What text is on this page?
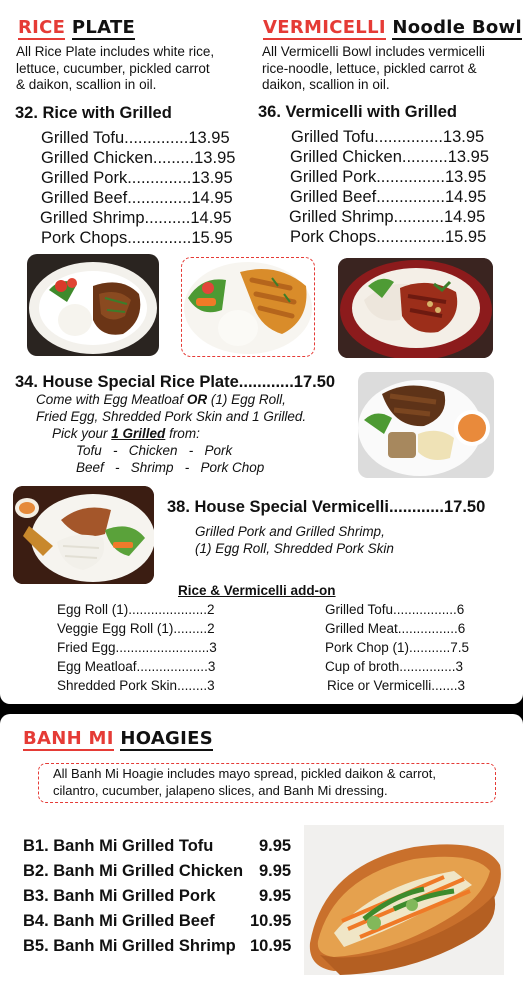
RICE PLATE
All Rice Plate includes white rice,
lettuce, cucumber, pickled carrot
& daikon, scallion in oil.
VERMICELLI Noodle Bowl
All Vermicelli Bowl includes vermicelli
rice-noodle, lettuce, pickled carrot &
daikon, scallion in oil.
32. Rice with Grilled	36. Vermicelli with Grilled
Grilled Tofu..............13.95
Grilled Chicken.........13.95
Grilled Pork..............13.95
Grilled Beef..............14.95
Grilled Shrimp..........14.95
Pork Chops..............15.95
Grilled Tofu...............13.95
Grilled Chicken..........13.95
Grilled Pork...............13.95
Grilled Beef...............14.95
Grilled Shrimp...........14.95
Pork Chops...............15.95
34. House Special Rice Plate............17.50
Come with Egg Meatloaf OR (1) Egg Roll,
Fried Egg, Shredded Pork Skin and 1 Grilled.
Pick your 1 Grilled from:
Tofu   -   Chicken   -   Pork
Beef   -   Shrimp   -   Pork Chop
38. House Special Vermicelli............17.50
Grilled Pork and Grilled Shrimp,
(1) Egg Roll, Shredded Pork Skin
Rice & Vermicelli add-on
Egg Roll (1).....................2
Veggie Egg Roll (1).........2
Fried Egg.........................3
Egg Meatloaf...................3
Shredded Pork Skin........3
Grilled Tofu.................6
Grilled Meat................6
Pork Chop (1)...........7.5
Cup of broth...............3
Rice or Vermicelli.......3
BANH MI HOAGIES
All Banh Mi Hoagie includes mayo spread, pickled daikon & carrot,
cilantro, cucumber, jalapeno slices, and Banh Mi dressing.
B1. Banh Mi Grilled Tofu	9.95
B2. Banh Mi Grilled Chicken 9.95
B3. Banh Mi Grilled Pork	9.95
B4. Banh Mi Grilled Beef 10.95
B5. Banh Mi Grilled Shrimp 10.95
